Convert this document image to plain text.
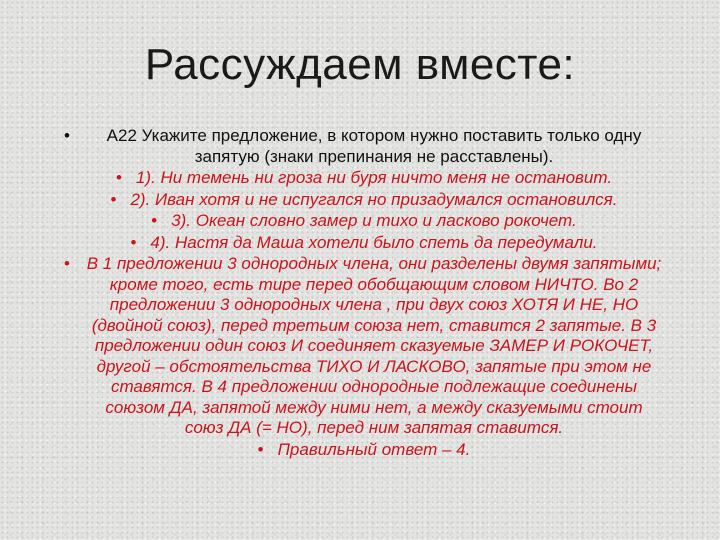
Рассуждаем вместе:
• А22 Укажите предложение, в котором нужно поставить только одну запятую (знаки препинания не расставлены).
• 1). Ни темень ни гроза ни буря ничто меня не остановит.
• 2). Иван хотя и не испугался но призадумался остановился.
• 3). Океан словно замер и тихо и ласково рокочет.
• 4). Настя да Маша хотели было спеть да передумали.
• В 1 предложении 3 однородных члена, они разделены двумя запятыми; кроме того, есть тире перед обобщающим словом НИЧТО. Во 2 предложении 3 однородных члена , при двух союз ХОТЯ И НЕ, НО (двойной союз), перед третьим союза нет, ставится 2 запятые. В 3 предложении один союз И соединяет сказуемые ЗАМЕР И РОКОЧЕТ, другой – обстоятельства ТИХО И ЛАСКОВО, запятые при этом не ставятся. В 4 предложении однородные подлежащие соединены союзом ДА, запятой между ними нет, а между сказуемыми стоит союз ДА (= НО), перед ним запятая ставится.
• Правильный ответ – 4.
